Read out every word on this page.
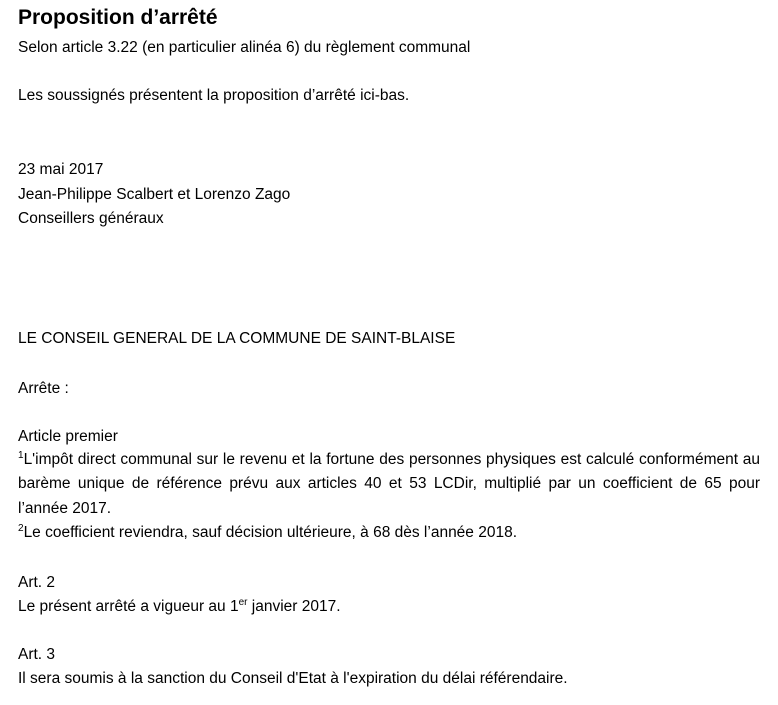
Proposition d’arrêté
Selon article 3.22 (en particulier alinéa 6) du règlement communal
Les soussignés présentent la proposition d’arrêté ici-bas.
23 mai 2017
Jean-Philippe Scalbert et Lorenzo Zago
Conseillers généraux
LE CONSEIL GENERAL DE LA COMMUNE DE SAINT-BLAISE
Arrête :
Article premier
$^1$L'impôt direct communal sur le revenu et la fortune des personnes physiques est calculé conformément au barème unique de référence prévu aux articles 40 et 53 LCDir, multiplié par un coefficient de 65 pour l’année 2017.
$^2$Le coefficient reviendra, sauf décision ultérieure, à 68 dès l’année 2018.
Art. 2
Le présent arrêté a vigueur au 1er janvier 2017.
Art. 3
Il sera soumis à la sanction du Conseil d'Etat à l'expiration du délai référendaire.
